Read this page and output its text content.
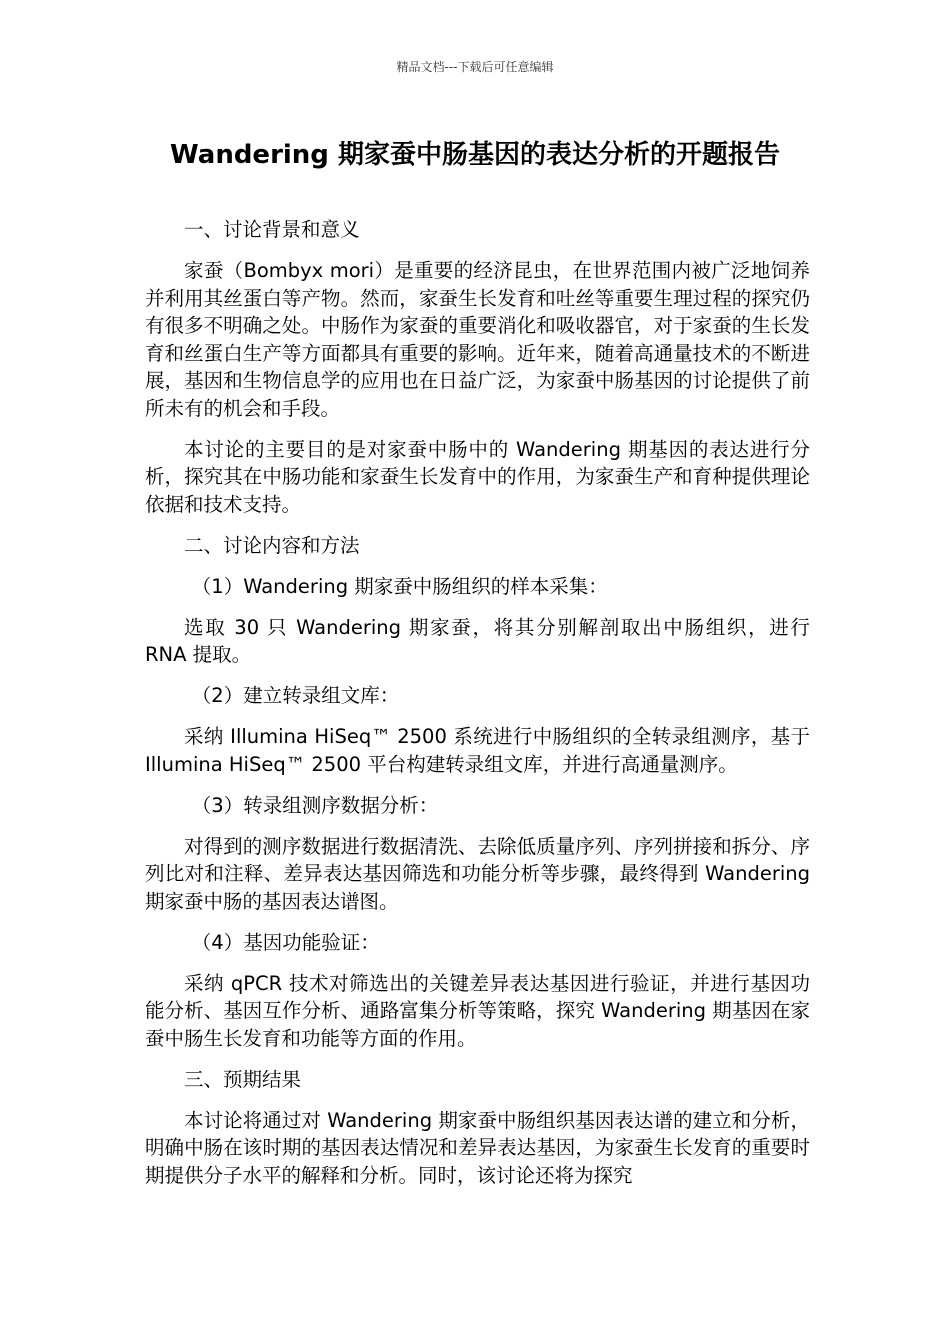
精品文档---下载后可任意编辑
Wandering 期家蚕中肠基因的表达分析的开题报告

一、讨论背景和意义

家蚕（Bombyx mori）是重要的经济昆虫，在世界范围内被广泛地饲养并利用其丝蛋白等产物。然而，家蚕生长发育和吐丝等重要生理过程的探究仍有很多不明确之处。中肠作为家蚕的重要消化和吸收器官，对于家蚕的生长发育和丝蛋白生产等方面都具有重要的影响。近年来，随着高通量技术的不断进展，基因和生物信息学的应用也在日益广泛，为家蚕中肠基因的讨论提供了前所未有的机会和手段。

本讨论的主要目的是对家蚕中肠中的 Wandering 期基因的表达进行分析，探究其在中肠功能和家蚕生长发育中的作用，为家蚕生产和育种提供理论依据和技术支持。

二、讨论内容和方法

（1）Wandering 期家蚕中肠组织的样本采集：

选取 30 只 Wandering 期家蚕，将其分别解剖取出中肠组织，进行 RNA 提取。

（2）建立转录组文库：

采纳 Illumina HiSeq™ 2500 系统进行中肠组织的全转录组测序，基于 Illumina HiSeq™ 2500 平台构建转录组文库，并进行高通量测序。

（3）转录组测序数据分析：

对得到的测序数据进行数据清洗、去除低质量序列、序列拼接和拆分、序列比对和注释、差异表达基因筛选和功能分析等步骤，最终得到 Wandering 期家蚕中肠的基因表达谱图。

（4）基因功能验证：

采纳 qPCR 技术对筛选出的关键差异表达基因进行验证，并进行基因功能分析、基因互作分析、通路富集分析等策略，探究 Wandering 期基因在家蚕中肠生长发育和功能等方面的作用。

三、预期结果

本讨论将通过对 Wandering 期家蚕中肠组织基因表达谱的建立和分析，明确中肠在该时期的基因表达情况和差异表达基因，为家蚕生长发育的重要时期提供分子水平的解释和分析。同时，该讨论还将为探究
